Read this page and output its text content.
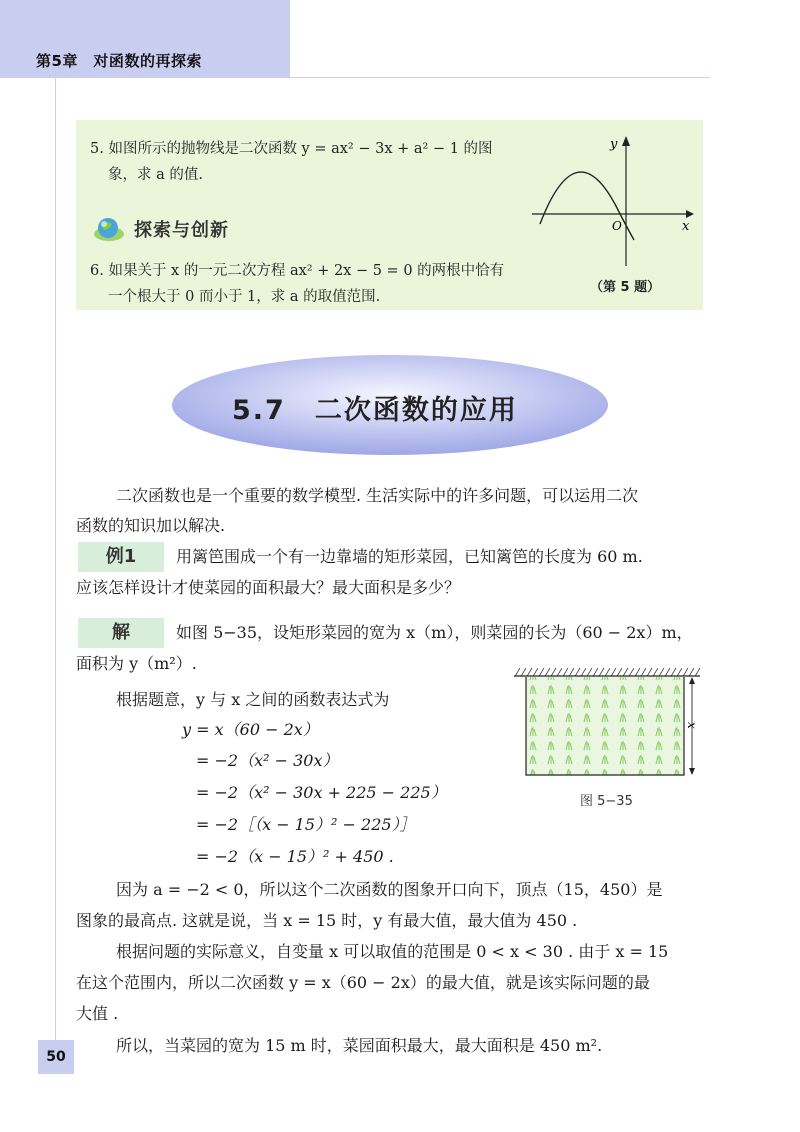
第5章　对函数的再探索
5. 如图所示的抛物线是二次函数 y = ax² − 3x + a² − 1 的图
象，求 a 的值.
探索与创新
6. 如果关于 x 的一元二次方程 ax² + 2x − 5 = 0 的两根中恰有
一个根大于 0 而小于 1，求 a 的取值范围.
y
x
O
（第 5 题）
5.7　二次函数的应用
二次函数也是一个重要的数学模型. 生活实际中的许多问题，可以运用二次
函数的知识加以解决.
例1	用篱笆围成一个有一边靠墙的矩形菜园，已知篱笆的长度为 60 m.
应该怎样设计才使菜园的面积最大？最大面积是多少？
解	如图 5−35，设矩形菜园的宽为 x（m），则菜园的长为（60 − 2x）m，
面积为 y（m²）.
根据题意，y 与 x 之间的函数表达式为
y = x（60 − 2x）
= −2（x² − 30x）
= −2（x² − 30x + 225 − 225）
= −2［（x − 15）² − 225）］
= −2（x − 15）² + 450 .
x
图 5−35
因为 a = −2 < 0，所以这个二次函数的图象开口向下，顶点（15，450）是
图象的最高点. 这就是说，当 x = 15 时，y 有最大值，最大值为 450 .
根据问题的实际意义，自变量 x 可以取值的范围是 0 < x < 30 . 由于 x = 15
在这个范围内，所以二次函数 y = x（60 − 2x）的最大值，就是该实际问题的最
大值 .
所以，当菜园的宽为 15 m 时，菜园面积最大，最大面积是 450 m².
50
